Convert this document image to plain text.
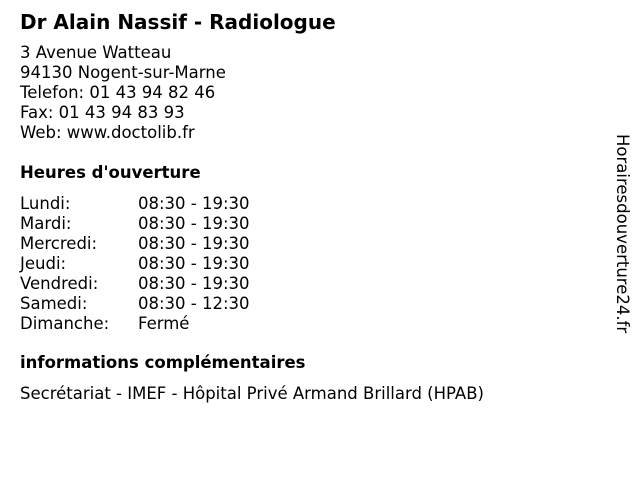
Dr Alain Nassif - Radiologue
3 Avenue Watteau
94130 Nogent-sur-Marne
Telefon: 01 43 94 82 46
Fax: 01 43 94 83 93
Web: www.doctolib.fr
Heures d'ouverture
Lundi:	08:30 - 19:30
Mardi:	08:30 - 19:30
Mercredi: 08:30 - 19:30
Jeudi:	08:30 - 19:30
Vendredi: 08:30 - 19:30
Samedi:	08:30 - 12:30
Dimanche: Fermé
informations complémentaires
Secrétariat - IMEF - Hôpital Privé Armand Brillard (HPAB)
Horairesdouverture24.fr
